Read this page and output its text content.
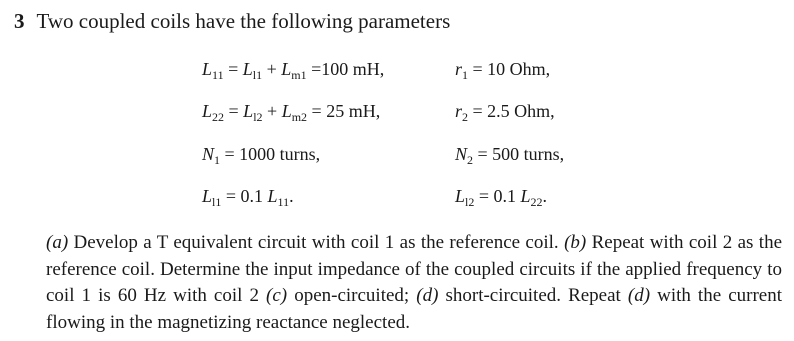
3 Two coupled coils have the following parameters
$L_{11} = L_{l1} + L_{m1} =100$ mH,	$r_1 = 10$ Ohm,
$L_{22} = L_{l2} + L_{m2} = 25$ mH,	$r_2 = 2.5$ Ohm,
$N_1 = 1000$ turns,	$N_2 = 500$ turns,
$L_{l1} = 0.1$ $L_{11}$.	$L_{l2} = 0.1$ $L_{22}$.
(a) Develop a T equivalent circuit with coil 1 as the reference coil. (b) Repeat with coil 2 as the reference coil. Determine the input impedance of the coupled circuits if the applied frequency to coil 1 is 60 Hz with coil 2 (c) open-circuited; (d) short-circuited. Repeat (d) with the current flowing in the magnetizing reactance neglected.
